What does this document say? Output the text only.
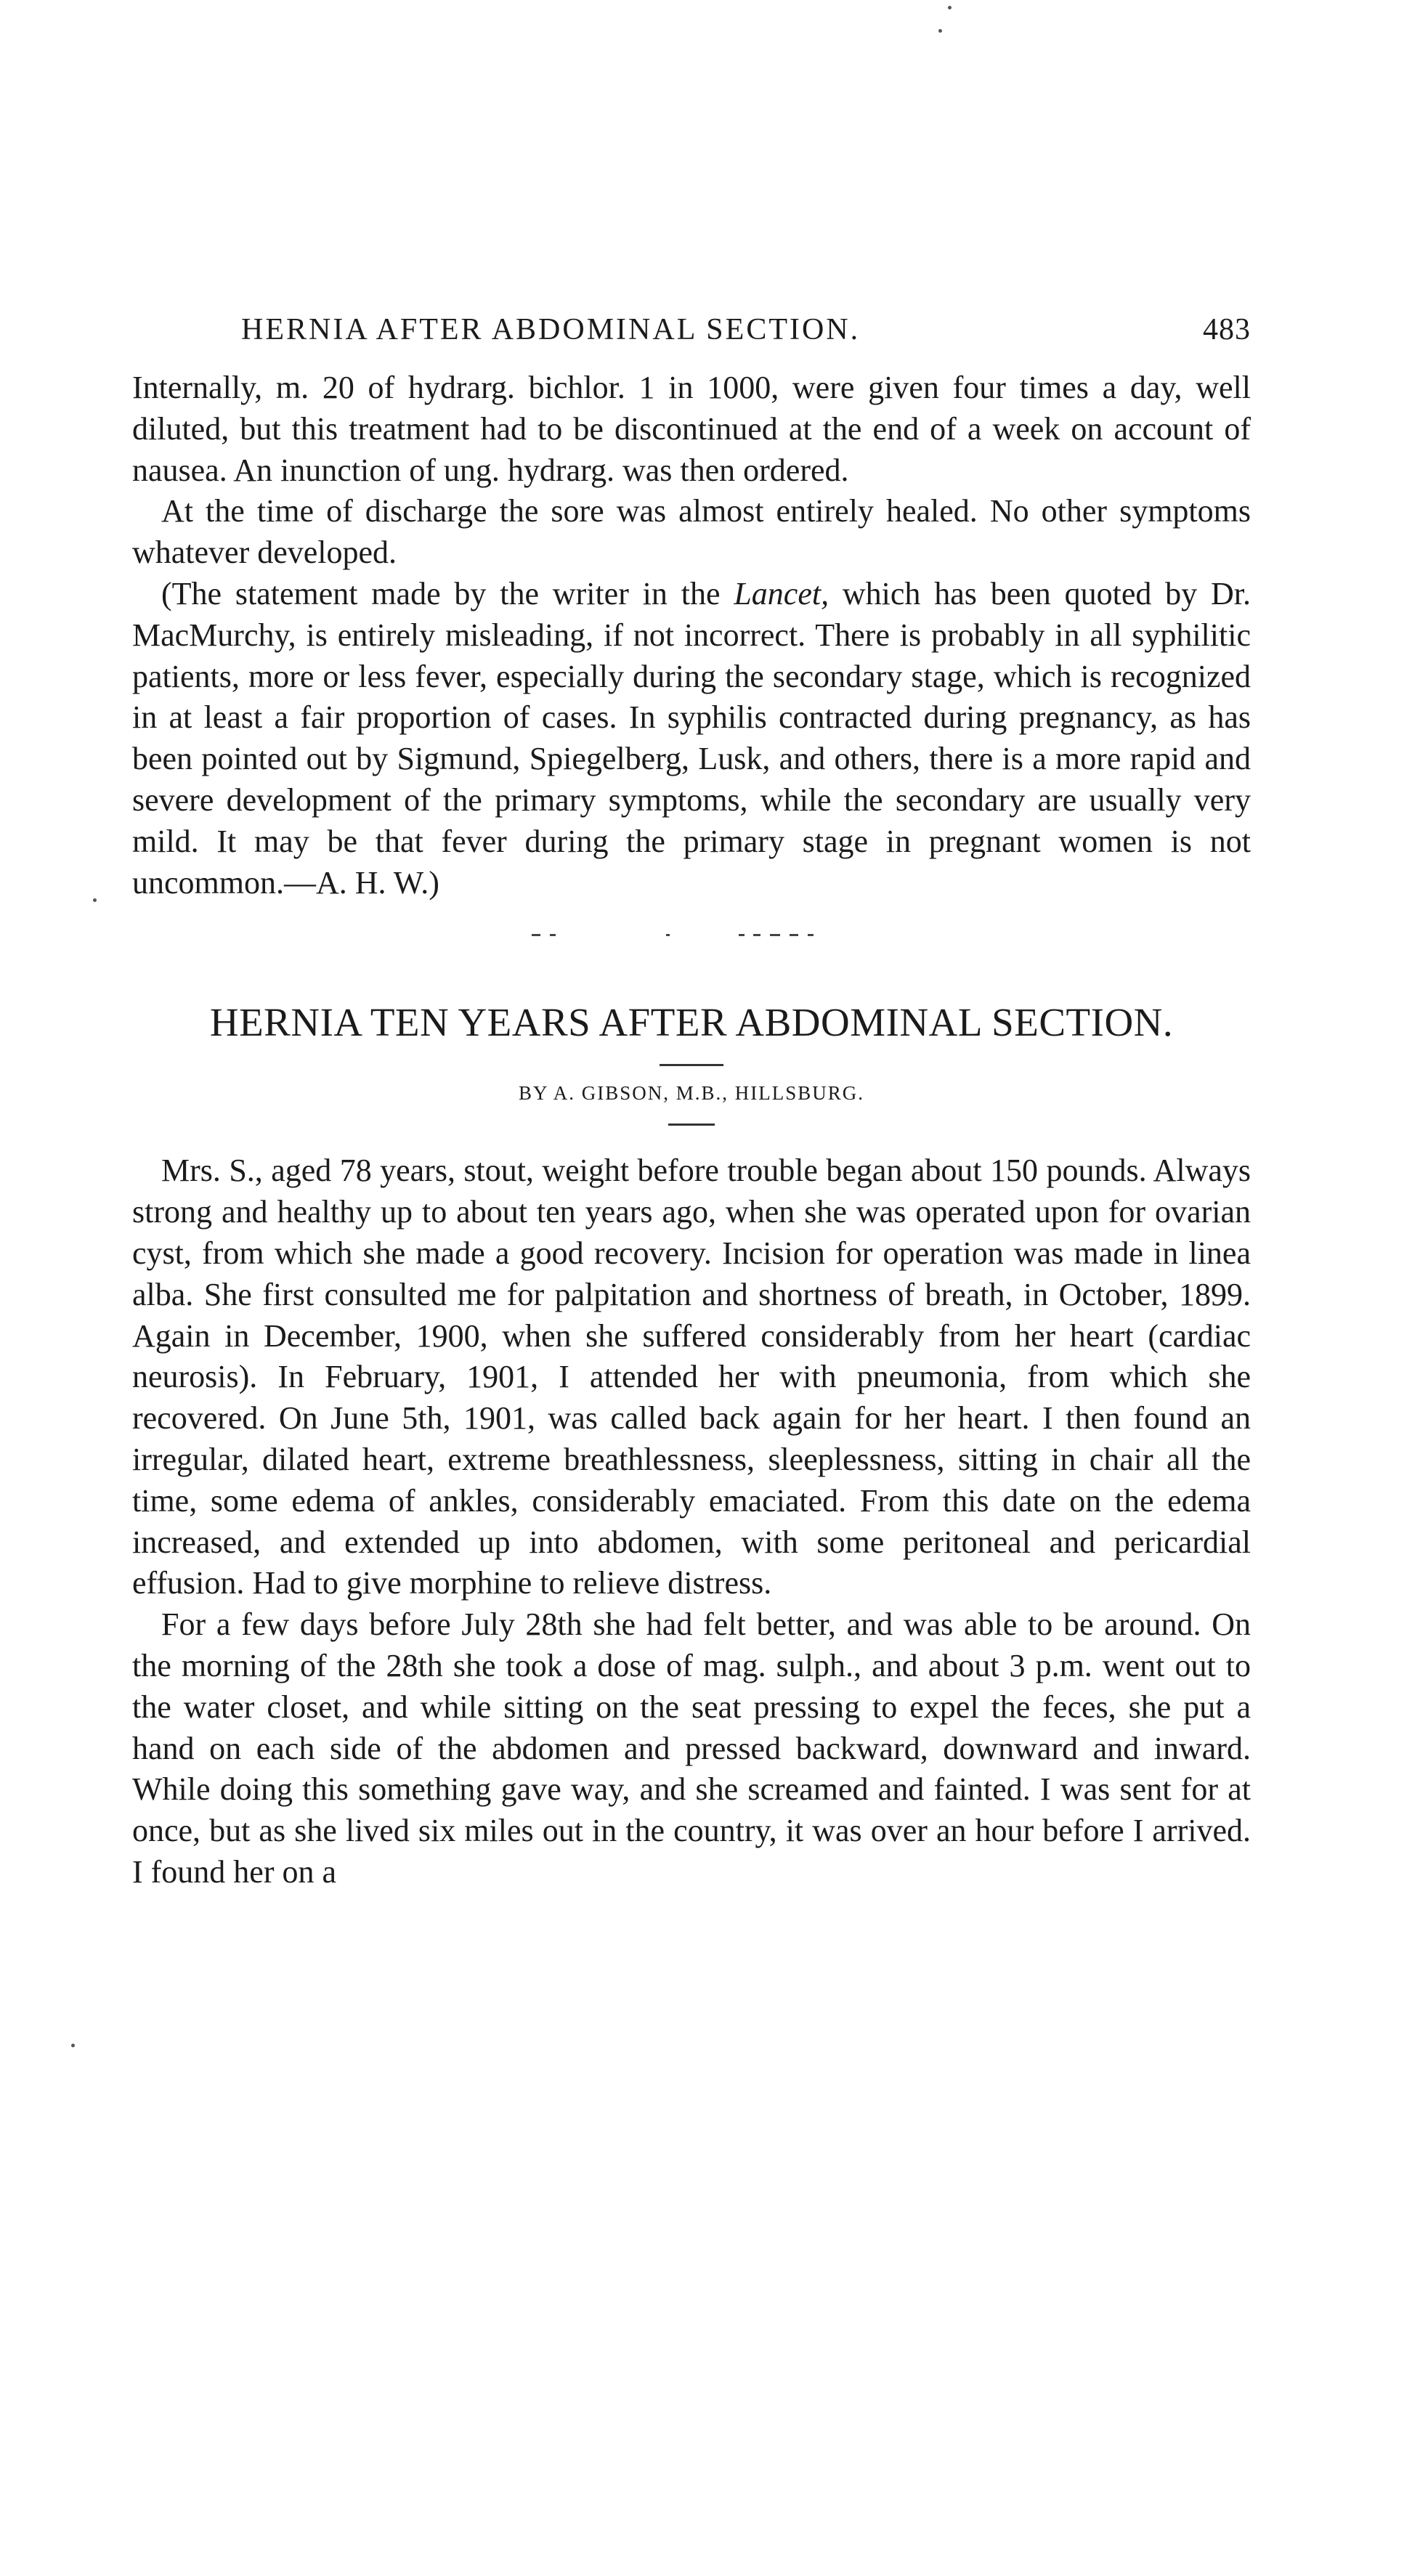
HERNIA AFTER ABDOMINAL SECTION.	483

Internally, m. 20 of hydrarg. bichlor. 1 in 1000, were given four times a day, well diluted, but this treatment had to be discontinued at the end of a week on account of nausea. An inunction of ung. hydrarg. was then ordered.

At the time of discharge the sore was almost entirely healed. No other symptoms whatever developed.

(The statement made by the writer in the Lancet, which has been quoted by Dr. MacMurchy, is entirely misleading, if not incorrect. There is probably in all syphilitic patients, more or less fever, especially during the secondary stage, which is recognized in at least a fair proportion of cases. In syphilis contracted during pregnancy, as has been pointed out by Sigmund, Spiegelberg, Lusk, and others, there is a more rapid and severe development of the primary symptoms, while the secondary are usually very mild. It may be that fever during the primary stage in pregnant women is not uncommon.—A. H. W.)

HERNIA TEN YEARS AFTER ABDOMINAL SECTION.
BY A. GIBSON, M.B., HILLSBURG.

Mrs. S., aged 78 years, stout, weight before trouble began about 150 pounds. Always strong and healthy up to about ten years ago, when she was operated upon for ovarian cyst, from which she made a good recovery. Incision for operation was made in linea alba. She first consulted me for palpitation and shortness of breath, in October, 1899. Again in December, 1900, when she suffered considerably from her heart (cardiac neurosis). In February, 1901, I attended her with pneumonia, from which she recovered. On June 5th, 1901, was called back again for her heart. I then found an irregular, dilated heart, extreme breathlessness, sleeplessness, sitting in chair all the time, some edema of ankles, considerably emaciated. From this date on the edema increased, and extended up into abdomen, with some peritoneal and pericardial effusion. Had to give morphine to relieve distress.

For a few days before July 28th she had felt better, and was able to be around. On the morning of the 28th she took a dose of mag. sulph., and about 3 p.m. went out to the water closet, and while sitting on the seat pressing to expel the feces, she put a hand on each side of the abdomen and pressed backward, downward and inward. While doing this something gave way, and she screamed and fainted. I was sent for at once, but as she lived six miles out in the country, it was over an hour before I arrived. I found her on a
